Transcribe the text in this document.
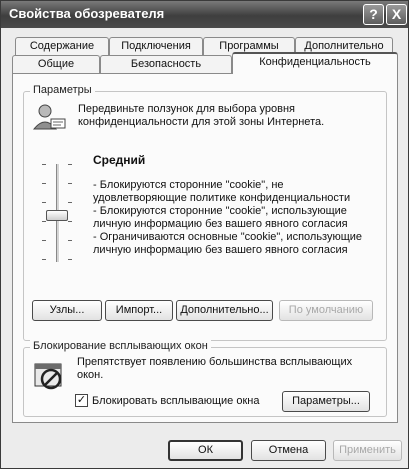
Свойства обозревателя	?	X
Содержание	Подключения	Программы	Дополнительно
Общие	Безопасность	Конфиденциальность
Параметры
Передвиньте ползунок для выбора уровня конфиденциальности для этой зоны Интернета.
Средний
- Блокируются сторонние "cookie", не
удовлетворяющие политике конфиденциальности
- Блокируются сторонние "cookie", использующие
личную информацию без вашего явного согласия
- Ограничиваются основные "cookie", использующие
личную информацию без вашего явного согласия
Узлы...	Импорт...	Дополнительно...	По умолчанию
Блокирование всплывающих окон
Препятствует появлению большинства всплывающих
окон.
✓ Блокировать всплывающие окна	Параметры...
ОК	Отмена	Применить
